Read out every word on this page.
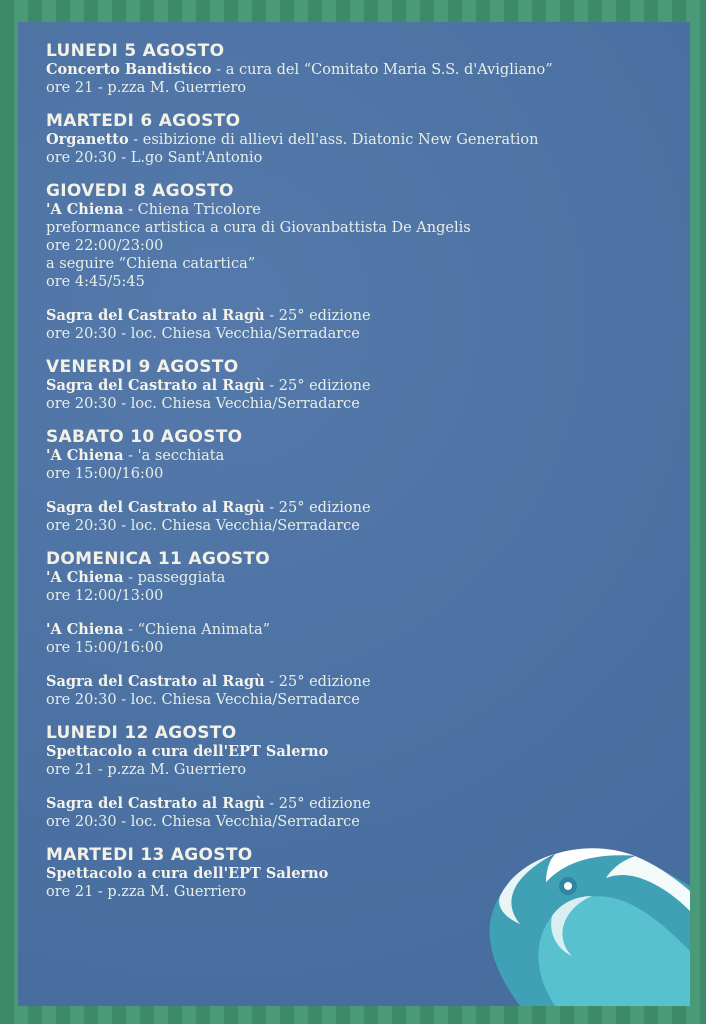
LUNEDI 5 AGOSTO
Concerto Bandistico - a cura del “Comitato Maria S.S. d'Avigliano”
ore 21 - p.zza M. Guerriero
MARTEDI 6 AGOSTO
Organetto - esibizione di allievi dell'ass. Diatonic New Generation
ore 20:30 - L.go Sant'Antonio
GIOVEDI 8 AGOSTO
'A Chiena - Chiena Tricolore
preformance artistica a cura di Giovanbattista De Angelis
ore 22:00/23:00
a seguire “Chiena catartica”
ore 4:45/5:45
Sagra del Castrato al Ragù - 25° edizione
ore 20:30 - loc. Chiesa Vecchia/Serradarce
VENERDI 9 AGOSTO
Sagra del Castrato al Ragù - 25° edizione
ore 20:30 - loc. Chiesa Vecchia/Serradarce
SABATO 10 AGOSTO
'A Chiena - 'a secchiata
ore 15:00/16:00
Sagra del Castrato al Ragù - 25° edizione
ore 20:30 - loc. Chiesa Vecchia/Serradarce
DOMENICA 11 AGOSTO
'A Chiena - passeggiata
ore 12:00/13:00
'A Chiena - “Chiena Animata”
ore 15:00/16:00
Sagra del Castrato al Ragù - 25° edizione
ore 20:30 - loc. Chiesa Vecchia/Serradarce
LUNEDI 12 AGOSTO
Spettacolo a cura dell'EPT Salerno
ore 21 - p.zza M. Guerriero
Sagra del Castrato al Ragù - 25° edizione
ore 20:30 - loc. Chiesa Vecchia/Serradarce
MARTEDI 13 AGOSTO
Spettacolo a cura dell'EPT Salerno
ore 21 - p.zza M. Guerriero
